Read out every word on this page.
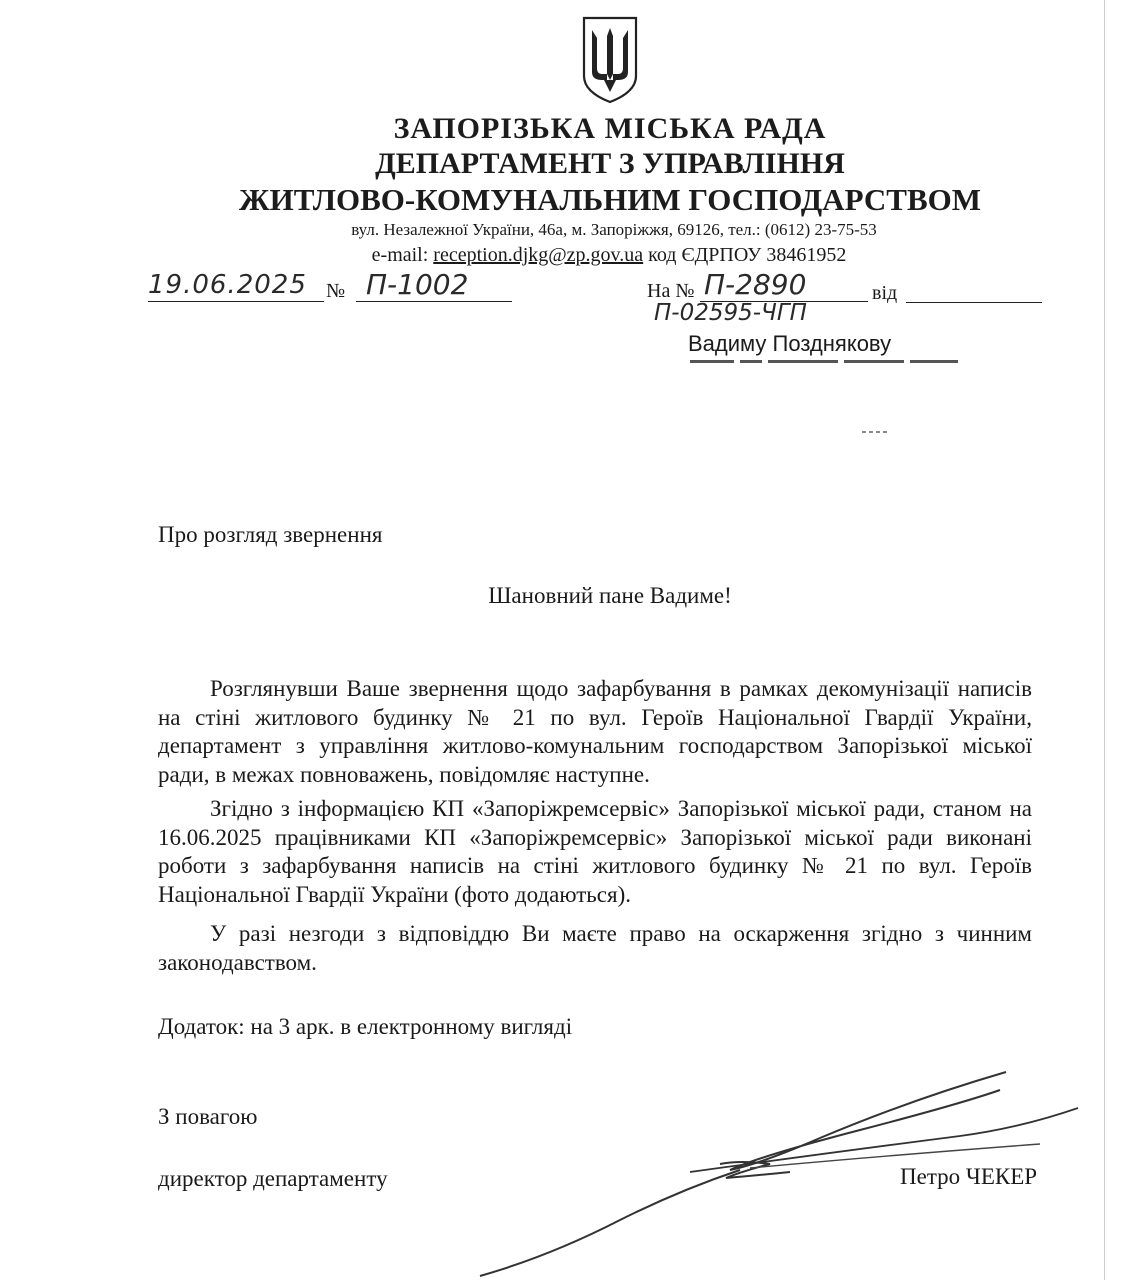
ЗАПОРІЗЬКА МІСЬКА РАДА
ДЕПАРТАМЕНТ З УПРАВЛІННЯ
ЖИТЛОВО-КОМУНАЛЬНИМ ГОСПОДАРСТВОМ
вул. Незалежної України, 46а, м. Запоріжжя, 69126, тел.: (0612) 23-75-53
e-mail: reception.djkg@zp.gov.ua код ЄДРПОУ 38461952
19.06.2025 № П-1002	На № П-2890	від
П-02595-ЧГП
Вадиму Позднякову
Про розгляд звернення
Шановний пане Вадиме!
Розглянувши Ваше звернення щодо зафарбування в рамках декомунізації написів на стіні житлового будинку № 21 по вул. Героїв Національної Гвардії України, департамент з управління житлово-комунальним господарством Запорізької міської ради, в межах повноважень, повідомляє наступне.
Згідно з інформацією КП «Запоріжремсервіс» Запорізької міської ради, станом на 16.06.2025 працівниками КП «Запоріжремсервіс» Запорізької міської ради виконані роботи з зафарбування написів на стіні житлового будинку № 21 по вул. Героїв Національної Гвардії України (фото додаються).
У разі незгоди з відповіддю Ви маєте право на оскарження згідно з чинним законодавством.
Додаток: на 3 арк. в електронному вигляді
З повагою
директор департаменту	Петро ЧЕКЕР
